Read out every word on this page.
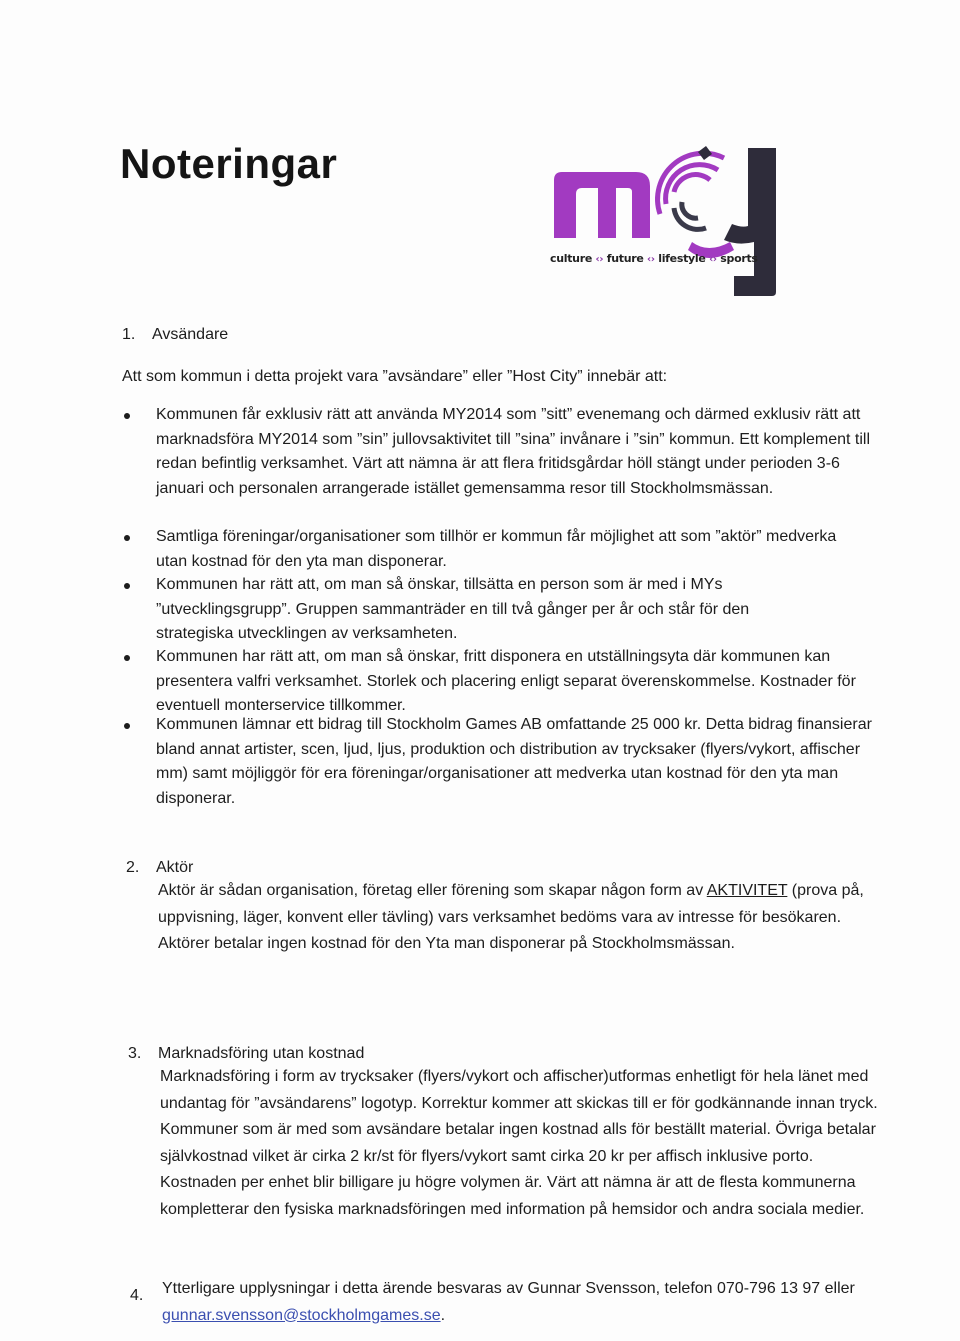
Noteringar
culture ‹› future ‹› lifestyle ‹› sports
1.	Avsändare
Att som kommun i detta projekt vara ”avsändare” eller ”Host City” innebär att:
Kommunen får exklusiv rätt att använda MY2014 som ”sitt” evenemang och därmed exklusiv rätt att marknadsföra MY2014 som ”sin” jullovsaktivitet till ”sina” invånare i ”sin” kommun. Ett komplement till redan befintlig verksamhet. Värt att nämna är att flera fritidsgårdar höll stängt under perioden 3-6 januari och personalen arrangerade istället gemensamma resor till Stockholmsmässan.
Samtliga föreningar/organisationer som tillhör er kommun får möjlighet att som ”aktör” medverka utan kostnad för den yta man disponerar.
Kommunen har rätt att, om man så önskar, tillsätta en person som är med i MYs ”utvecklingsgrupp”. Gruppen sammanträder en till två gånger per år och står för den strategiska utvecklingen av verksamheten.
Kommunen har rätt att, om man så önskar, fritt disponera en utställningsyta där kommunen kan presentera valfri verksamhet. Storlek och placering enligt separat överenskommelse. Kostnader för eventuell monterservice tillkommer.
Kommunen lämnar ett bidrag till Stockholm Games AB omfattande 25 000 kr. Detta bidrag finansierar bland annat artister, scen, ljud, ljus, produktion och distribution av trycksaker (flyers/vykort, affischer mm) samt möjliggör för era föreningar/organisationer att medverka utan kostnad för den yta man disponerar.
2.	Aktör
Aktör är sådan organisation, företag eller förening som skapar någon form av AKTIVITET (prova på, uppvisning, läger, konvent eller tävling) vars verksamhet bedöms vara av intresse för besökaren. Aktörer betalar ingen kostnad för den Yta man disponerar på Stockholmsmässan.
3.	Marknadsföring utan kostnad
Marknadsföring i form av trycksaker (flyers/vykort och affischer)utformas enhetligt för hela länet med undantag för ”avsändarens” logotyp. Korrektur kommer att skickas till er för godkännande innan tryck. Kommuner som är med som avsändare betalar ingen kostnad alls för beställt material. Övriga betalar självkostnad vilket är cirka 2 kr/st för flyers/vykort samt cirka 20 kr per affisch inklusive porto. Kostnaden per enhet blir billigare ju högre volymen är. Värt att nämna är att de flesta kommunerna kompletterar den fysiska marknadsföringen med information på hemsidor och andra sociala medier.
4.	Ytterligare upplysningar i detta ärende besvaras av Gunnar Svensson, telefon 070-796 13 97 eller gunnar.svensson@stockholmgames.se.
